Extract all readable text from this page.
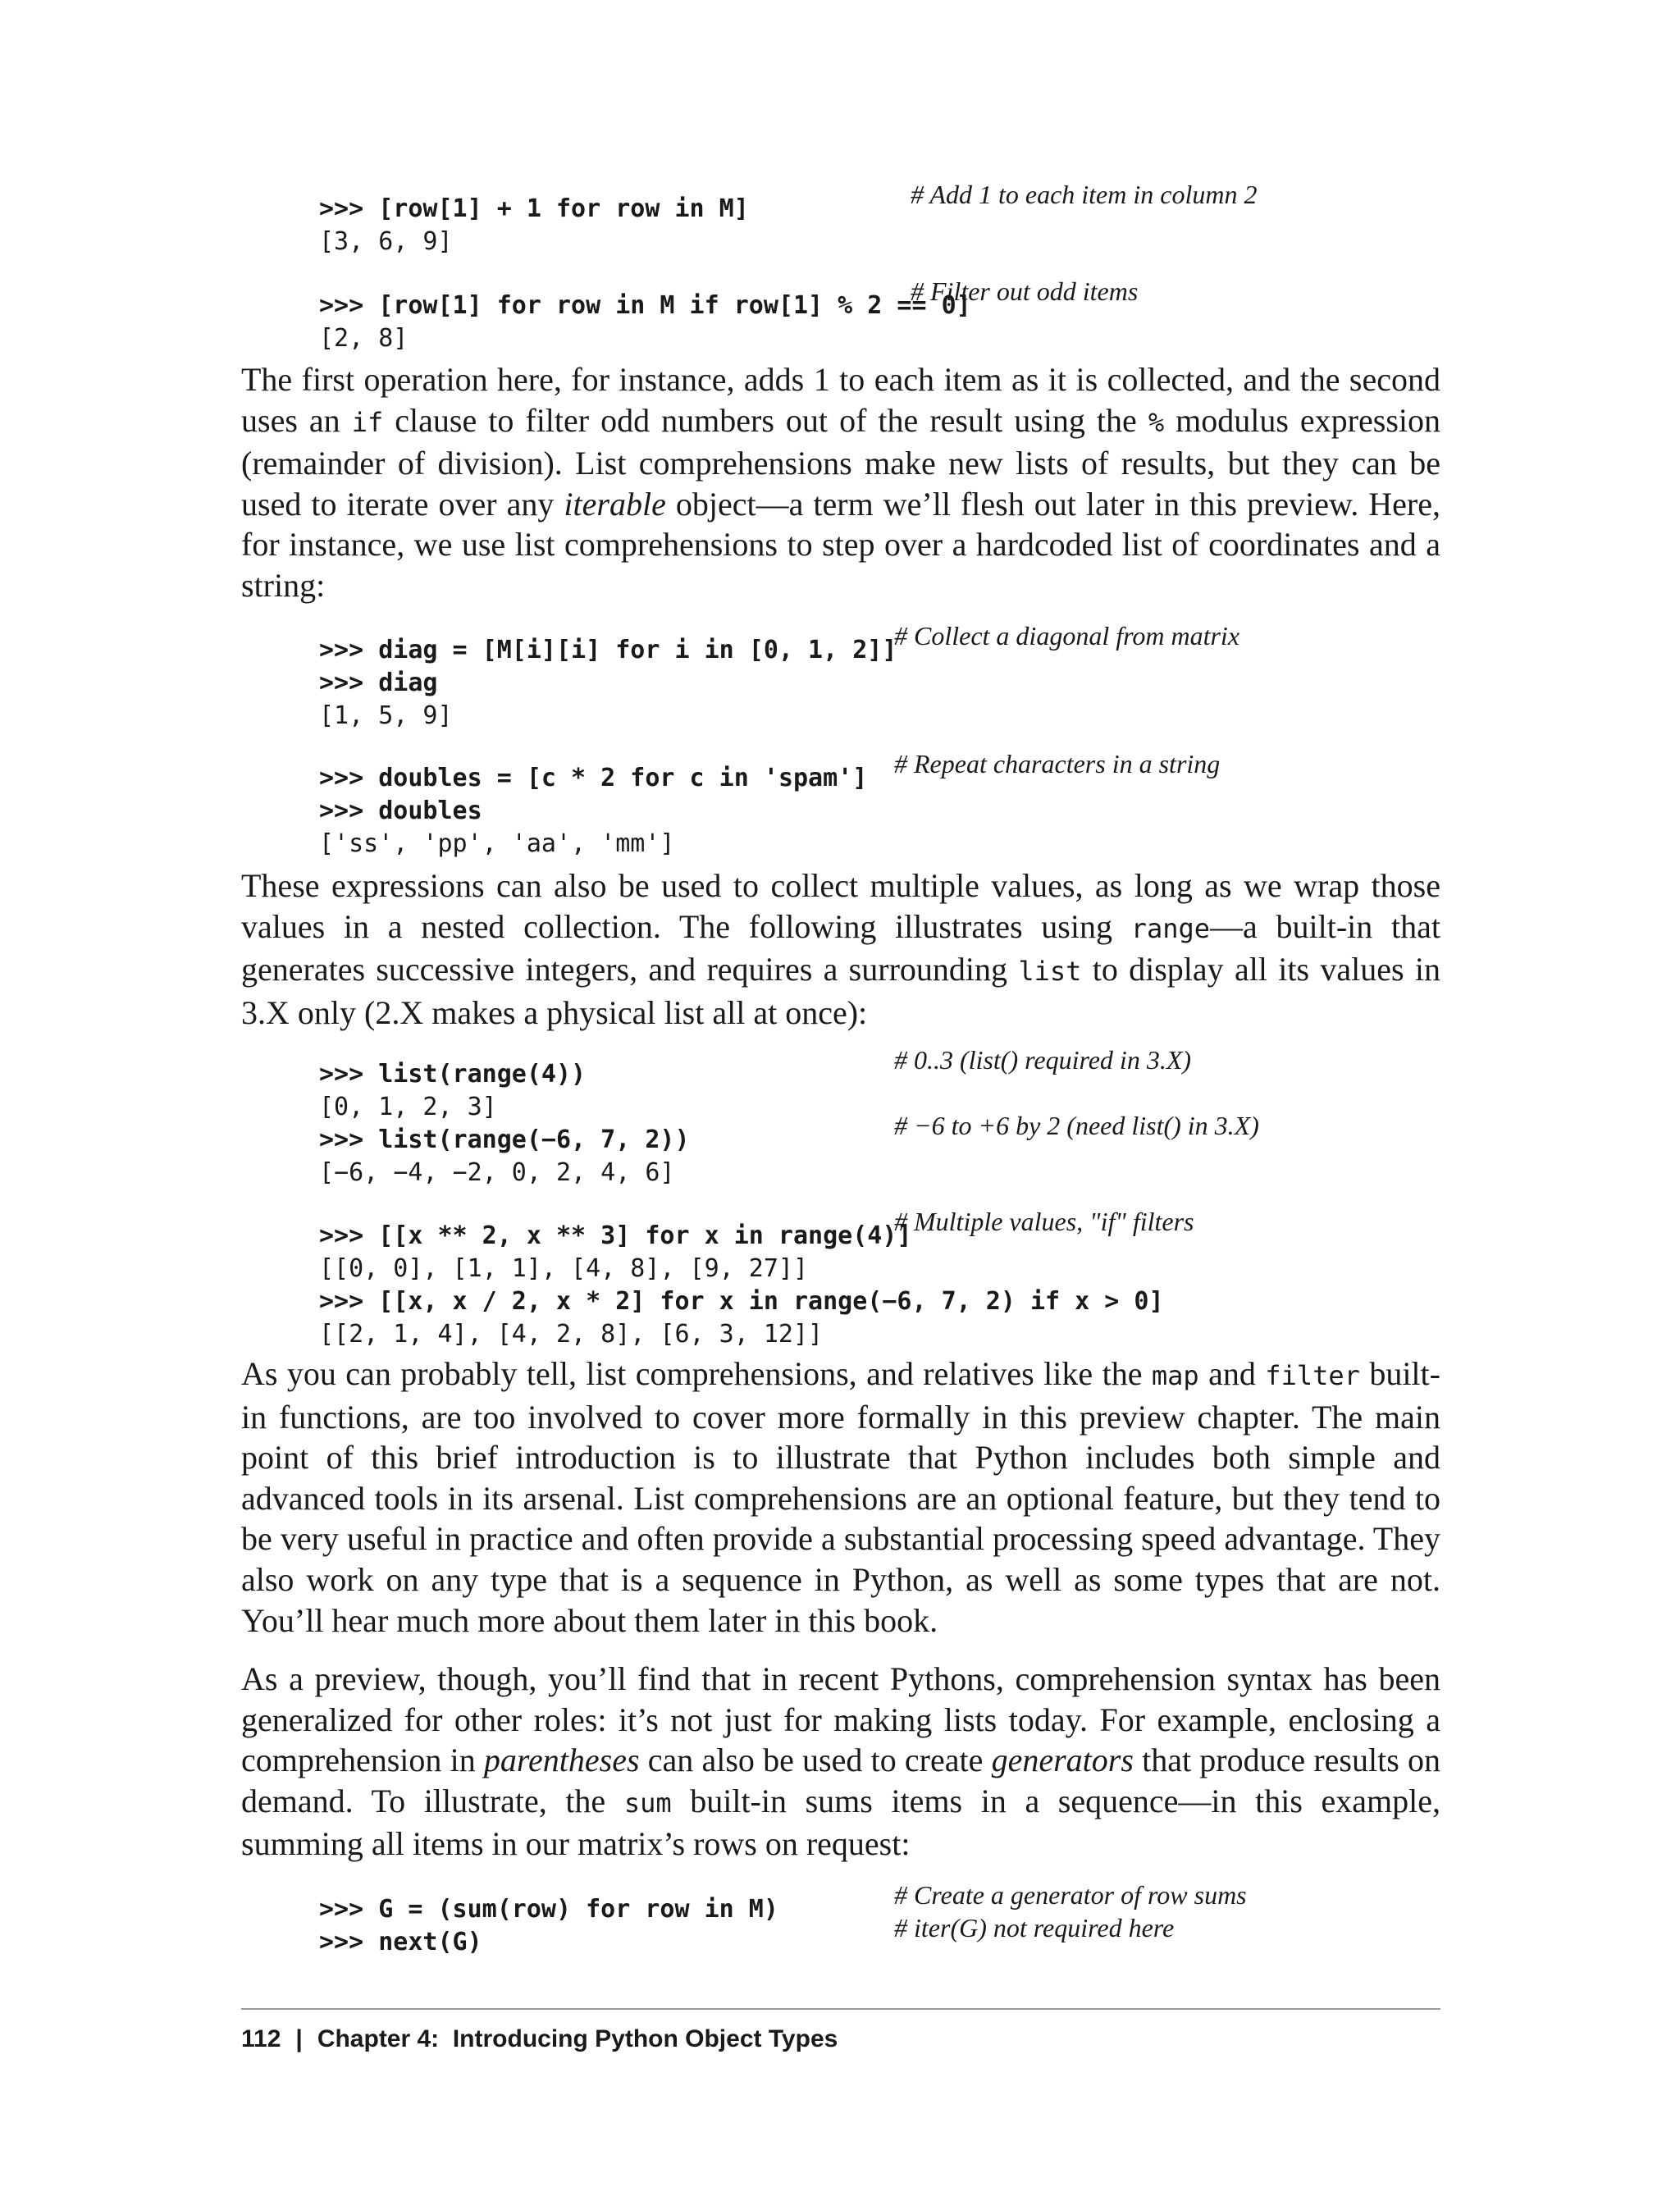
>>> [row[1] + 1 for row in M]
	# Add 1 to each item in column 2

[3, 6, 9]

>>> [row[1] for row in M if row[1] % 2 == 0]

# Filter out odd items

[2, 8]

The first operation here, for instance, adds 1 to each item as it is collected, and the second uses an if clause to filter odd numbers out of the result using the % modulus expression (remainder of division). List comprehensions make new lists of results, but they can be used to iterate over any iterable object—a term we’ll flesh out later in this preview. Here, for instance, we use list comprehensions to step over a hardcoded list of coordinates and a string:

>>> diag = [M[i][i] for i in [0, 1, 2]]

# Collect a diagonal from matrix

>>> diag

[1, 5, 9]

>>> doubles = [c * 2 for c in 'spam']
# Repeat characters in a string

>>> doubles

['ss', 'pp', 'aa', 'mm']

These expressions can also be used to collect multiple values, as long as we wrap those values in a nested collection. The following illustrates using range—a built-in that generates successive integers, and requires a surrounding list to display all its values in 3.X only (2.X makes a physical list all at once):

>>> list(range(4))
	# 0..3 (list() required in 3.X)

[0, 1, 2, 3]

>>> list(range(−6, 7, 2))
	# −6 to +6 by 2 (need list() in 3.X)

[−6, −4, −2, 0, 2, 4, 6]

>>> [[x ** 2, x ** 3] for x in range(4)]

# Multiple values, "if" filters

[[0, 0], [1, 1], [4, 8], [9, 27]]

>>> [[x, x / 2, x * 2] for x in range(−6, 7, 2) if x > 0]

[[2, 1, 4], [4, 2, 8], [6, 3, 12]]

As you can probably tell, list comprehensions, and relatives like the map and filter built-in functions, are too involved to cover more formally in this preview chapter. The main point of this brief introduction is to illustrate that Python includes both simple and advanced tools in its arsenal. List comprehensions are an optional feature, but they tend to be very useful in practice and often provide a substantial processing speed advantage. They also work on any type that is a sequence in Python, as well as some types that are not. You’ll hear much more about them later in this book.

As a preview, though, you’ll find that in recent Pythons, comprehension syntax has been generalized for other roles: it’s not just for making lists today. For example, enclosing a comprehension in parentheses can also be used to create generators that produce results on demand. To illustrate, the sum built-in sums items in a sequence—in this example, summing all items in our matrix’s rows on request:

>>> G = (sum(row) for row in M)
	# Create a generator of row sums

>>> next(G)
	# iter(G) not required here

112 | Chapter 4:  Introducing Python Object Types
